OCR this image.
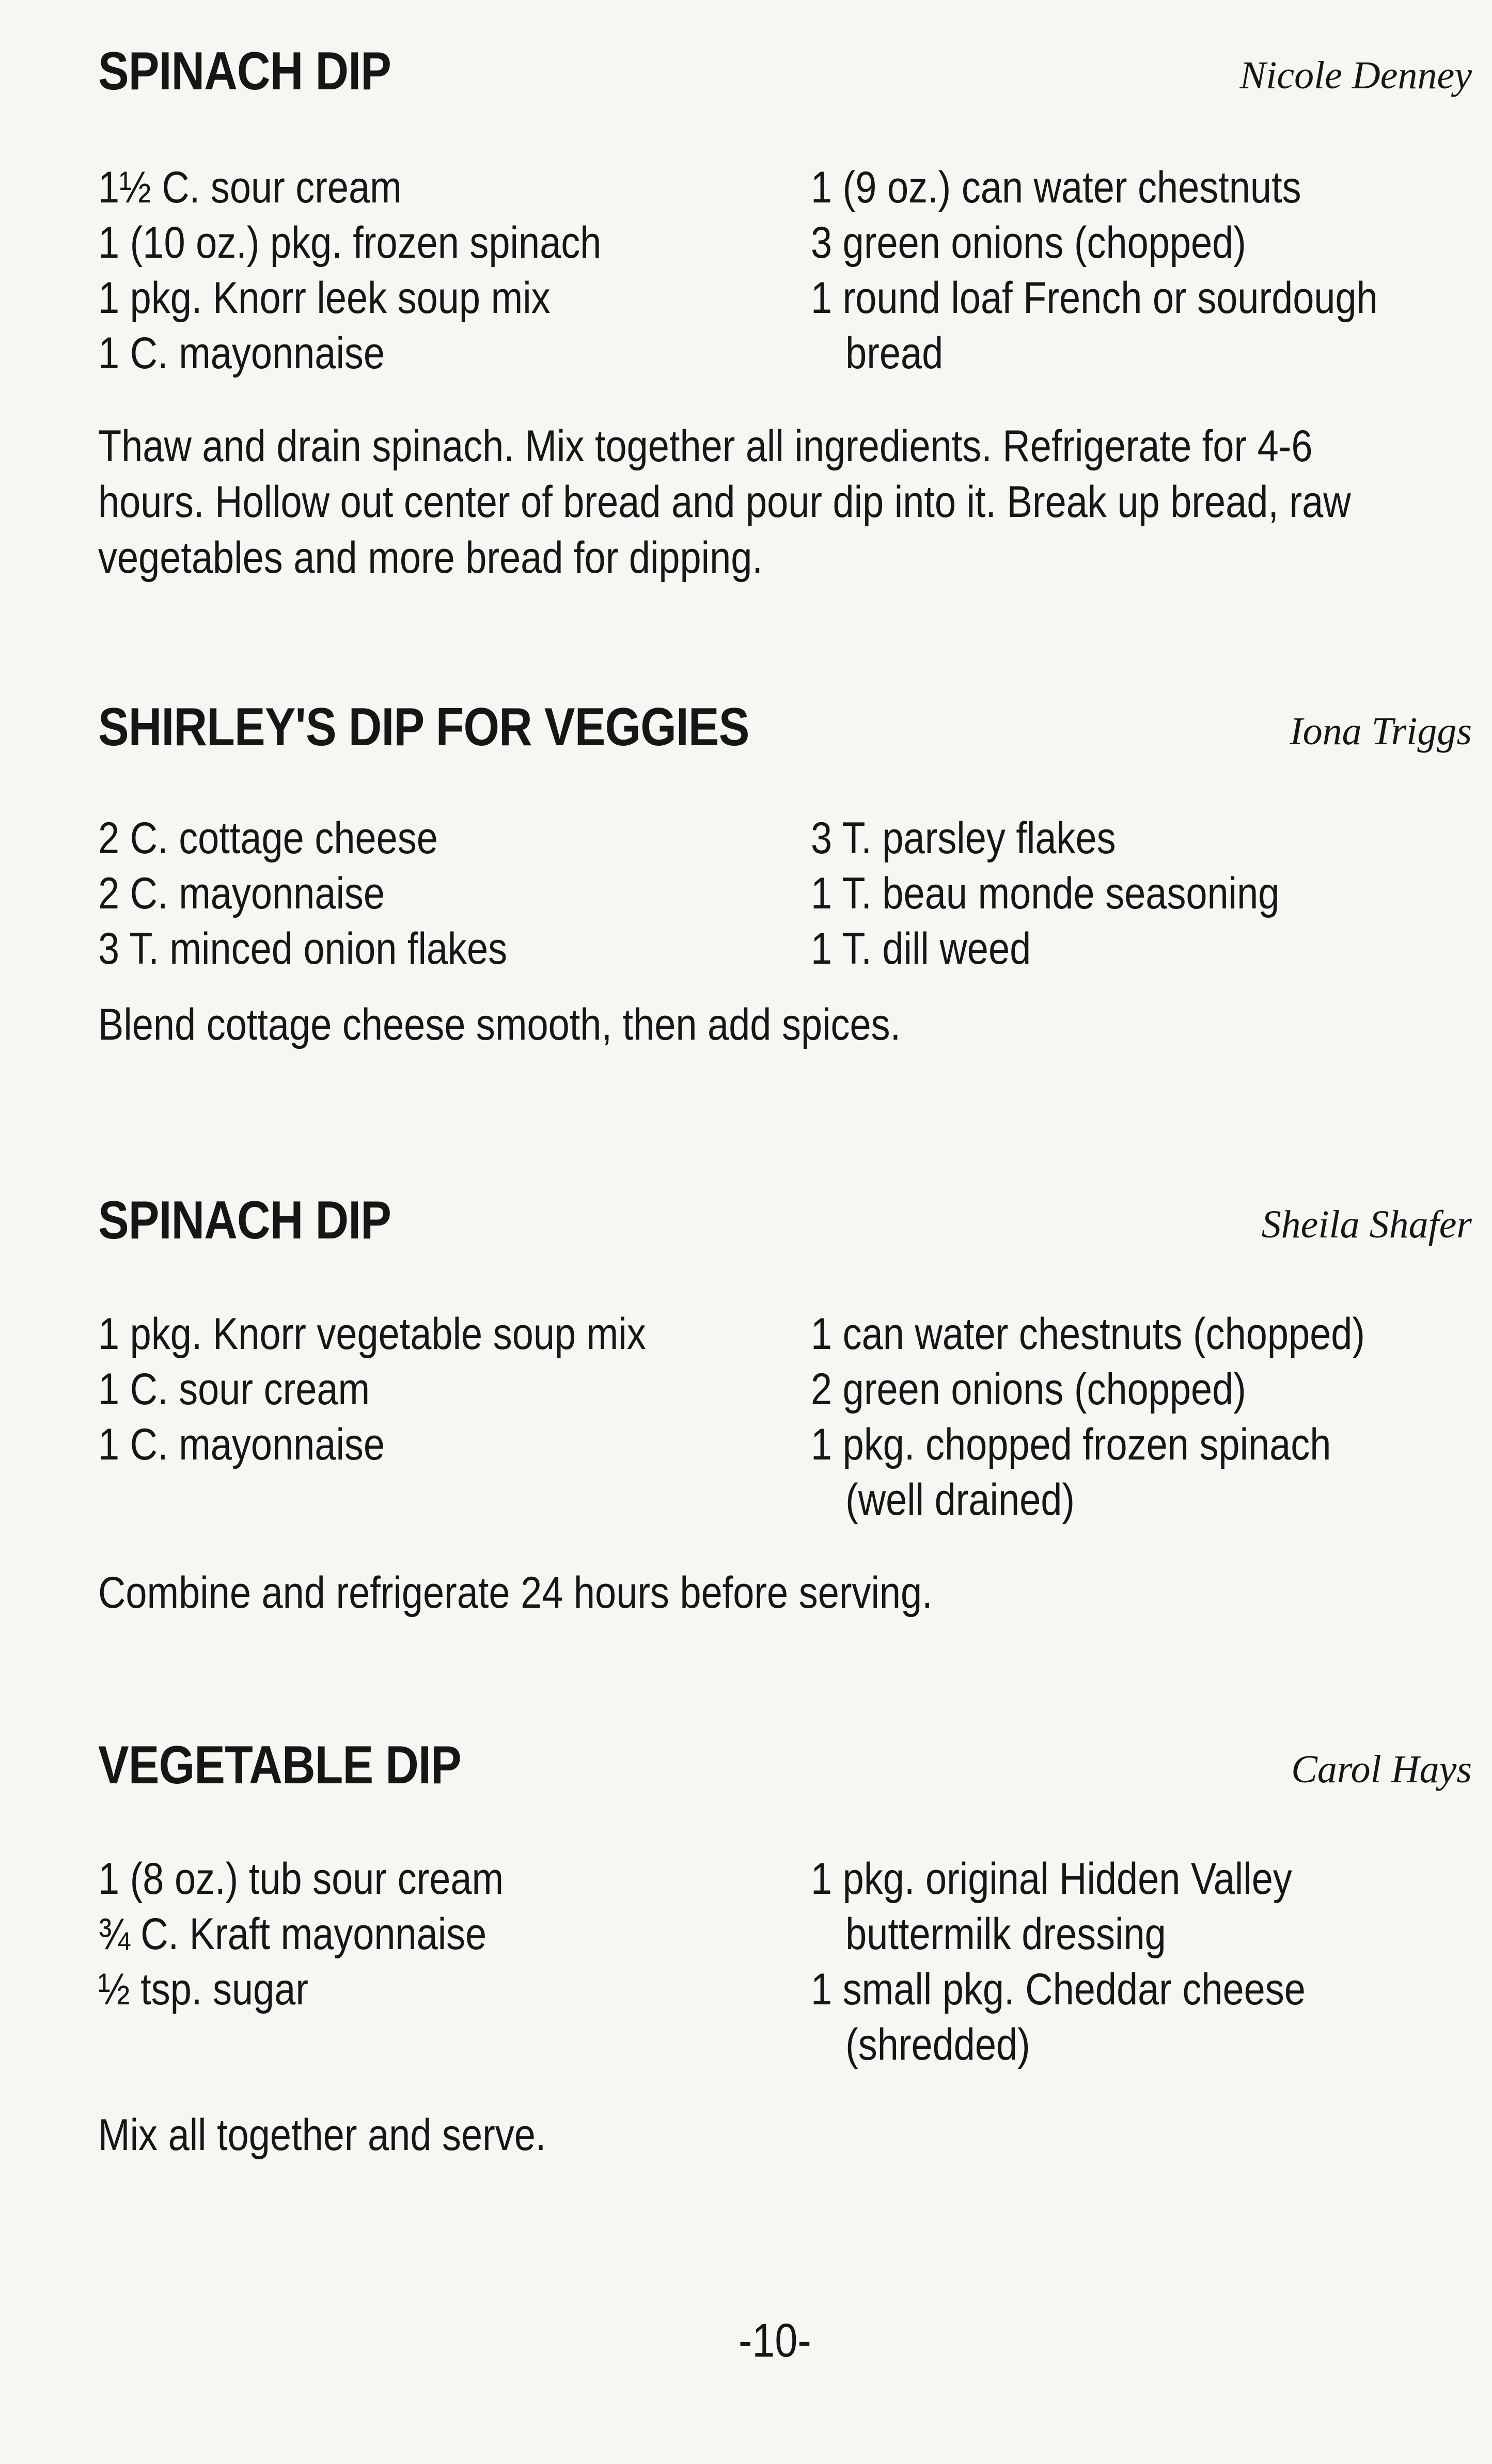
SPINACH DIP	Nicole Denney
1½ C. sour cream
1 (10 oz.) pkg. frozen spinach
1 pkg. Knorr leek soup mix
1 C. mayonnaise
1 (9 oz.) can water chestnuts
3 green onions (chopped)
1 round loaf French or sourdough
bread
Thaw and drain spinach. Mix together all ingredients. Refrigerate for 4-6
hours. Hollow out center of bread and pour dip into it. Break up bread, raw
vegetables and more bread for dipping.
SHIRLEY'S DIP FOR VEGGIES	Iona Triggs
2 C. cottage cheese
2 C. mayonnaise
3 T. minced onion flakes
3 T. parsley flakes
1 T. beau monde seasoning
1 T. dill weed
Blend cottage cheese smooth, then add spices.
SPINACH DIP	Sheila Shafer
1 pkg. Knorr vegetable soup mix
1 C. sour cream
1 C. mayonnaise
1 can water chestnuts (chopped)
2 green onions (chopped)
1 pkg. chopped frozen spinach
(well drained)
Combine and refrigerate 24 hours before serving.
VEGETABLE DIP	Carol Hays
1 (8 oz.) tub sour cream
¾ C. Kraft mayonnaise
½ tsp. sugar
1 pkg. original Hidden Valley
buttermilk dressing
1 small pkg. Cheddar cheese
(shredded)
Mix all together and serve.
-10-
